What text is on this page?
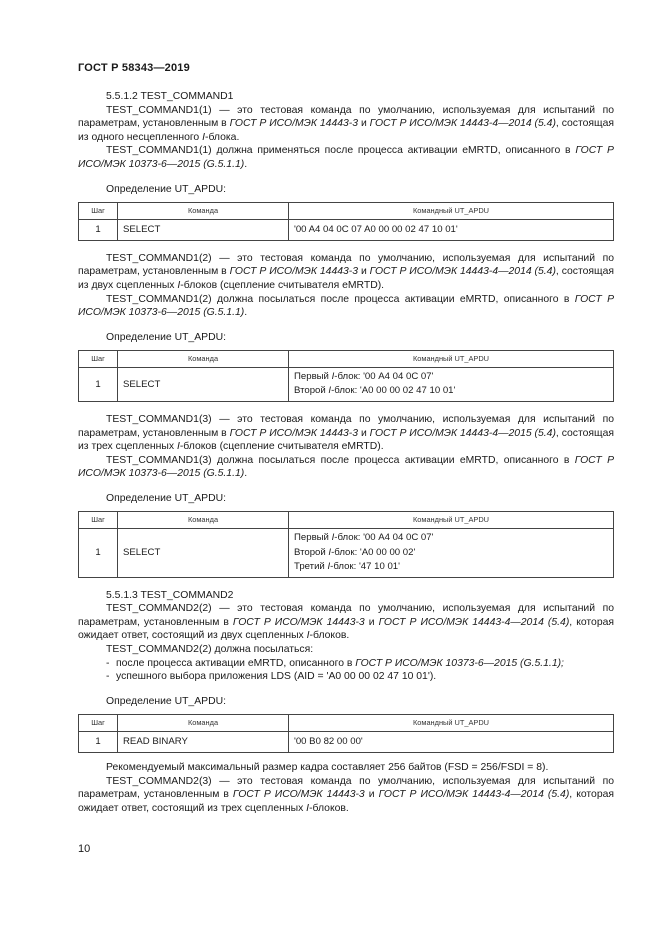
ГОСТ Р 58343—2019

5.5.1.2 TEST_COMMAND1

TEST_COMMAND1(1) — это тестовая команда по умолчанию, используемая для испытаний по параметрам, установленным в ГОСТ Р ИСО/МЭК 14443-3 и ГОСТ Р ИСО/МЭК 14443-4—2014 (5.4), состоящая из одного несцепленного I-блока.

TEST_COMMAND1(1) должна применяться после процесса активации eMRTD, описанного в ГОСТ Р ИСО/МЭК 10373-6—2015 (G.5.1.1).

Определение UT_APDU:

Шаг	Команда	Командный UT_APDU
1	SELECT	'00 A4 04 0C 07 A0 00 00 02 47 10 01'

TEST_COMMAND1(2) — это тестовая команда по умолчанию, используемая для испытаний по параметрам, установленным в ГОСТ Р ИСО/МЭК 14443-3 и ГОСТ Р ИСО/МЭК 14443-4—2014 (5.4), состоящая из двух сцепленных I-блоков (сцепление считывателя eMRTD).

TEST_COMMAND1(2) должна посылаться после процесса активации eMRTD, описанного в ГОСТ Р ИСО/МЭК 10373-6—2015 (G.5.1.1).

Определение UT_APDU:

Шаг	Команда	Командный UT_APDU
1	SELECT	Первый I-блок: '00 A4 04 0C 07'
Второй I-блок: 'A0 00 00 02 47 10 01'

TEST_COMMAND1(3) — это тестовая команда по умолчанию, используемая для испытаний по параметрам, установленным в ГОСТ Р ИСО/МЭК 14443-3 и ГОСТ Р ИСО/МЭК 14443-4—2015 (5.4), состоящая из трех сцепленных I-блоков (сцепление считывателя eMRTD).

TEST_COMMAND1(3) должна посылаться после процесса активации eMRTD, описанного в ГОСТ Р ИСО/МЭК 10373-6—2015 (G.5.1.1).

Определение UT_APDU:

Шаг	Команда	Командный UT_APDU
1	SELECT	Первый I-блок: '00 A4 04 0C 07'
Второй I-блок: 'A0 00 00 02'
Третий I-блок: '47 10 01'

5.5.1.3 TEST_COMMAND2

TEST_COMMAND2(2) — это тестовая команда по умолчанию, используемая для испытаний по параметрам, установленным в ГОСТ Р ИСО/МЭК 14443-3 и ГОСТ Р ИСО/МЭК 14443-4—2014 (5.4), которая ожидает ответ, состоящий из двух сцепленных I-блоков.

TEST_COMMAND2(2) должна посылаться:

- после процесса активации eMRTD, описанного в ГОСТ Р ИСО/МЭК 10373-6—2015 (G.5.1.1);
- успешного выбора приложения LDS (AID = 'A0 00 00 02 47 10 01').

Определение UT_APDU:

Шаг	Команда	Командный UT_APDU
1	READ BINARY	'00 B0 82 00 00'

Рекомендуемый максимальный размер кадра составляет 256 байтов (FSD = 256/FSDI = 8).

TEST_COMMAND2(3) — это тестовая команда по умолчанию, используемая для испытаний по параметрам, установленным в ГОСТ Р ИСО/МЭК 14443-3 и ГОСТ Р ИСО/МЭК 14443-4—2014 (5.4), которая ожидает ответ, состоящий из трех сцепленных I-блоков.

10
